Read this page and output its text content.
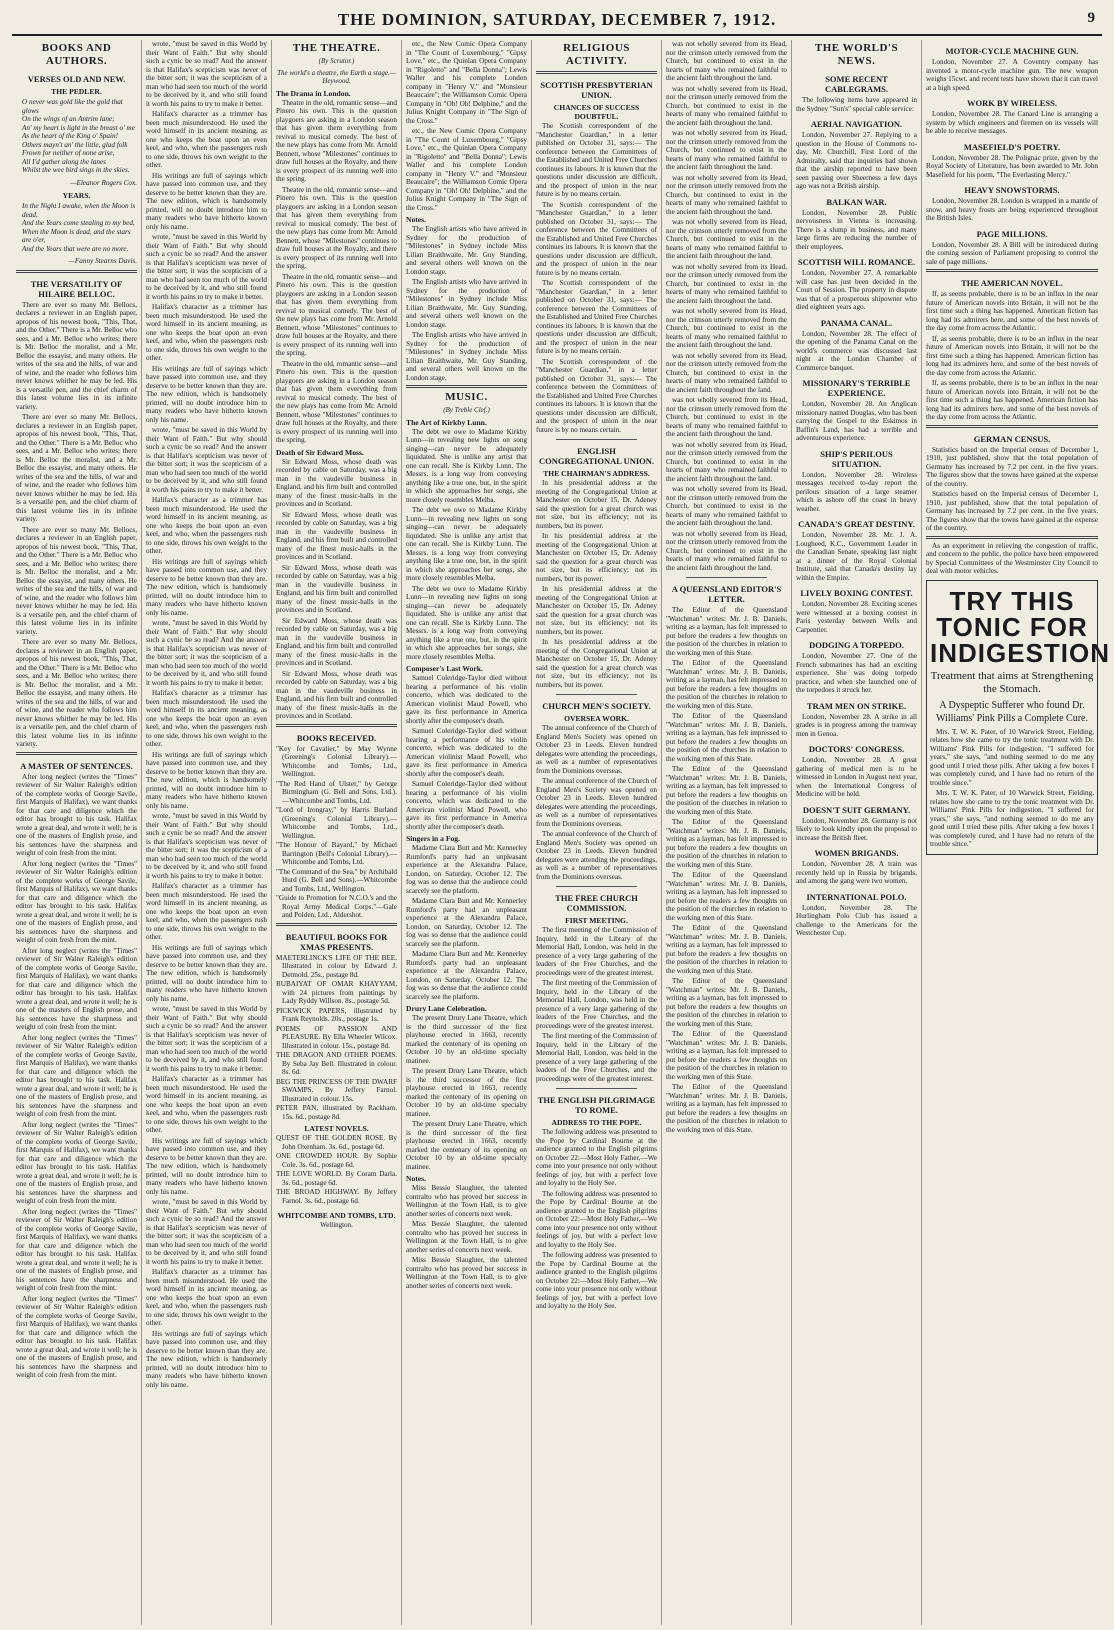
THE DOMINION, SATURDAY, DECEMBER 7, 1912.	9
BOOKS AND AUTHORS.
VERSES OLD AND NEW.
THE PEDLER.
O never was gold like the gold that glows
On the wings of an Antrim lane;
An' my heart is light in the breast o' me
As the heart of the King o' Spain!
Others mayn't an' the little, glad folk
Frown for neither of none arise,
All I'd gather along the lanes
Whilst the wee bird sings in the skies.
—Eleanor Rogers Cox.
YEARS.
In the Night I awake, when the Moon is dead,
And the Years come stealing to my bed,
When the Moon is dead, and the stars are o'er,
And the Years that were are no more.
—Fanny Stearns Davis.
THE VERSATILITY OF HILAIRE BELLOC.

There are ever so many Mr. Bellocs, declares a reviewer in an English paper, apropos of his newest book, "This, That, and the Other." There is a Mr. Belloc who sees, and a Mr. Belloc who writes; there is Mr. Belloc the moralist, and a Mr. Belloc the essayist, and many others. He writes of the sea and the hills, of war and of wine, and the reader who follows him never knows whither he may be led. His is a versatile pen, and the chief charm of this latest volume lies in its infinite variety.

There are ever so many Mr. Bellocs, declares a reviewer in an English paper, apropos of his newest book, "This, That, and the Other." There is a Mr. Belloc who sees, and a Mr. Belloc who writes; there is Mr. Belloc the moralist, and a Mr. Belloc the essayist, and many others. He writes of the sea and the hills, of war and of wine, and the reader who follows him never knows whither he may be led. His is a versatile pen, and the chief charm of this latest volume lies in its infinite variety.

There are ever so many Mr. Bellocs, declares a reviewer in an English paper, apropos of his newest book, "This, That, and the Other." There is a Mr. Belloc who sees, and a Mr. Belloc who writes; there is Mr. Belloc the moralist, and a Mr. Belloc the essayist, and many others. He writes of the sea and the hills, of war and of wine, and the reader who follows him never knows whither he may be led. His is a versatile pen, and the chief charm of this latest volume lies in its infinite variety.

There are ever so many Mr. Bellocs, declares a reviewer in an English paper, apropos of his newest book, "This, That, and the Other." There is a Mr. Belloc who sees, and a Mr. Belloc who writes; there is Mr. Belloc the moralist, and a Mr. Belloc the essayist, and many others. He writes of the sea and the hills, of war and of wine, and the reader who follows him never knows whither he may be led. His is a versatile pen, and the chief charm of this latest volume lies in its infinite variety.

A MASTER OF SENTENCES.

After long neglect (writes the "Times" reviewer of Sir Walter Raleigh's edition of the complete works of George Savile, first Marquis of Halifax), we want thanks for that care and diligence which the editor has brought to his task. Halifax wrote a great deal, and wrote it well; he is one of the masters of English prose, and his sentences have the sharpness and weight of coin fresh from the mint.

After long neglect (writes the "Times" reviewer of Sir Walter Raleigh's edition of the complete works of George Savile, first Marquis of Halifax), we want thanks for that care and diligence which the editor has brought to his task. Halifax wrote a great deal, and wrote it well; he is one of the masters of English prose, and his sentences have the sharpness and weight of coin fresh from the mint.

After long neglect (writes the "Times" reviewer of Sir Walter Raleigh's edition of the complete works of George Savile, first Marquis of Halifax), we want thanks for that care and diligence which the editor has brought to his task. Halifax wrote a great deal, and wrote it well; he is one of the masters of English prose, and his sentences have the sharpness and weight of coin fresh from the mint.

After long neglect (writes the "Times" reviewer of Sir Walter Raleigh's edition of the complete works of George Savile, first Marquis of Halifax), we want thanks for that care and diligence which the editor has brought to his task. Halifax wrote a great deal, and wrote it well; he is one of the masters of English prose, and his sentences have the sharpness and weight of coin fresh from the mint.

After long neglect (writes the "Times" reviewer of Sir Walter Raleigh's edition of the complete works of George Savile, first Marquis of Halifax), we want thanks for that care and diligence which the editor has brought to his task. Halifax wrote a great deal, and wrote it well; he is one of the masters of English prose, and his sentences have the sharpness and weight of coin fresh from the mint.

After long neglect (writes the "Times" reviewer of Sir Walter Raleigh's edition of the complete works of George Savile, first Marquis of Halifax), we want thanks for that care and diligence which the editor has brought to his task. Halifax wrote a great deal, and wrote it well; he is one of the masters of English prose, and his sentences have the sharpness and weight of coin fresh from the mint.

After long neglect (writes the "Times" reviewer of Sir Walter Raleigh's edition of the complete works of George Savile, first Marquis of Halifax), we want thanks for that care and diligence which the editor has brought to his task. Halifax wrote a great deal, and wrote it well; he is one of the masters of English prose, and his sentences have the sharpness and weight of coin fresh from the mint.

wrote, "must be saved in this World by their Want of Faith." But why should such a cynic be so read? And the answer is that Halifax's scepticism was never of the bitter sort; it was the scepticism of a man who had seen too much of the world to be deceived by it, and who still found it worth his pains to try to make it better.

Halifax's character as a trimmer has been much misunderstood. He used the word himself in its ancient meaning, as one who keeps the boat upon an even keel, and who, when the passengers rush to one side, throws his own weight to the other.

His writings are full of sayings which have passed into common use, and they deserve to be better known than they are. The new edition, which is handsomely printed, will no doubt introduce him to many readers who have hitherto known only his name.

wrote, "must be saved in this World by their Want of Faith." But why should such a cynic be so read? And the answer is that Halifax's scepticism was never of the bitter sort; it was the scepticism of a man who had seen too much of the world to be deceived by it, and who still found it worth his pains to try to make it better.

Halifax's character as a trimmer has been much misunderstood. He used the word himself in its ancient meaning, as one who keeps the boat upon an even keel, and who, when the passengers rush to one side, throws his own weight to the other.

His writings are full of sayings which have passed into common use, and they deserve to be better known than they are. The new edition, which is handsomely printed, will no doubt introduce him to many readers who have hitherto known only his name.

wrote, "must be saved in this World by their Want of Faith." But why should such a cynic be so read? And the answer is that Halifax's scepticism was never of the bitter sort; it was the scepticism of a man who had seen too much of the world to be deceived by it, and who still found it worth his pains to try to make it better.

Halifax's character as a trimmer has been much misunderstood. He used the word himself in its ancient meaning, as one who keeps the boat upon an even keel, and who, when the passengers rush to one side, throws his own weight to the other.

His writings are full of sayings which have passed into common use, and they deserve to be better known than they are. The new edition, which is handsomely printed, will no doubt introduce him to many readers who have hitherto known only his name.

wrote, "must be saved in this World by their Want of Faith." But why should such a cynic be so read? And the answer is that Halifax's scepticism was never of the bitter sort; it was the scepticism of a man who had seen too much of the world to be deceived by it, and who still found it worth his pains to try to make it better.

Halifax's character as a trimmer has been much misunderstood. He used the word himself in its ancient meaning, as one who keeps the boat upon an even keel, and who, when the passengers rush to one side, throws his own weight to the other.

His writings are full of sayings which have passed into common use, and they deserve to be better known than they are. The new edition, which is handsomely printed, will no doubt introduce him to many readers who have hitherto known only his name.

wrote, "must be saved in this World by their Want of Faith." But why should such a cynic be so read? And the answer is that Halifax's scepticism was never of the bitter sort; it was the scepticism of a man who had seen too much of the world to be deceived by it, and who still found it worth his pains to try to make it better.

Halifax's character as a trimmer has been much misunderstood. He used the word himself in its ancient meaning, as one who keeps the boat upon an even keel, and who, when the passengers rush to one side, throws his own weight to the other.

His writings are full of sayings which have passed into common use, and they deserve to be better known than they are. The new edition, which is handsomely printed, will no doubt introduce him to many readers who have hitherto known only his name.

wrote, "must be saved in this World by their Want of Faith." But why should such a cynic be so read? And the answer is that Halifax's scepticism was never of the bitter sort; it was the scepticism of a man who had seen too much of the world to be deceived by it, and who still found it worth his pains to try to make it better.

Halifax's character as a trimmer has been much misunderstood. He used the word himself in its ancient meaning, as one who keeps the boat upon an even keel, and who, when the passengers rush to one side, throws his own weight to the other.

His writings are full of sayings which have passed into common use, and they deserve to be better known than they are. The new edition, which is handsomely printed, will no doubt introduce him to many readers who have hitherto known only his name.

wrote, "must be saved in this World by their Want of Faith." But why should such a cynic be so read? And the answer is that Halifax's scepticism was never of the bitter sort; it was the scepticism of a man who had seen too much of the world to be deceived by it, and who still found it worth his pains to try to make it better.

Halifax's character as a trimmer has been much misunderstood. He used the word himself in its ancient meaning, as one who keeps the boat upon an even keel, and who, when the passengers rush to one side, throws his own weight to the other.

His writings are full of sayings which have passed into common use, and they deserve to be better known than they are. The new edition, which is handsomely printed, will no doubt introduce him to many readers who have hitherto known only his name.

THE THEATRE.
(By Scrutor.)
The world's a theatre, the Earth a stage.—Heywood.
The Drama in London.

Theatre in the old, romantic sense—and Pinero his own. This is the question playgoers are asking in a London season that has given them everything from revival to musical comedy. The best of the new plays has come from Mr. Arnold Bennett, whose "Milestones" continues to draw full houses at the Royalty, and there is every prospect of its running well into the spring.

Theatre in the old, romantic sense—and Pinero his own. This is the question playgoers are asking in a London season that has given them everything from revival to musical comedy. The best of the new plays has come from Mr. Arnold Bennett, whose "Milestones" continues to draw full houses at the Royalty, and there is every prospect of its running well into the spring.

Theatre in the old, romantic sense—and Pinero his own. This is the question playgoers are asking in a London season that has given them everything from revival to musical comedy. The best of the new plays has come from Mr. Arnold Bennett, whose "Milestones" continues to draw full houses at the Royalty, and there is every prospect of its running well into the spring.

Theatre in the old, romantic sense—and Pinero his own. This is the question playgoers are asking in a London season that has given them everything from revival to musical comedy. The best of the new plays has come from Mr. Arnold Bennett, whose "Milestones" continues to draw full houses at the Royalty, and there is every prospect of its running well into the spring.

Death of Sir Edward Moss.

Sir Edward Moss, whose death was recorded by cable on Saturday, was a big man in the vaudeville business in England, and his firm built and controlled many of the finest music-halls in the provinces and in Scotland.

Sir Edward Moss, whose death was recorded by cable on Saturday, was a big man in the vaudeville business in England, and his firm built and controlled many of the finest music-halls in the provinces and in Scotland.

Sir Edward Moss, whose death was recorded by cable on Saturday, was a big man in the vaudeville business in England, and his firm built and controlled many of the finest music-halls in the provinces and in Scotland.

Sir Edward Moss, whose death was recorded by cable on Saturday, was a big man in the vaudeville business in England, and his firm built and controlled many of the finest music-halls in the provinces and in Scotland.

Sir Edward Moss, whose death was recorded by cable on Saturday, was a big man in the vaudeville business in England, and his firm built and controlled many of the finest music-halls in the provinces and in Scotland.

BOOKS RECEIVED.
"Key for Cavalier," by May Wynne (Greening's Colonial Library).—Whitcombe and Tombs, Ltd., Wellington.
"The Red Hand of Ulster," by George Birmingham (G. Bell and Sons, Ltd.).—Whitcombe and Tombs, Ltd.
"Lord of Irongray," by Harris Burland (Greening's Colonial Library).—Whitcombe and Tombs, Ltd., Wellington.
"The Honour of Bayard," by Michael Barrington (Bell's Colonial Library).—Whitcombe and Tombs, Ltd.
"The Command of the Sea," by Archibald Hurd (G. Bell and Sons).—Whitcombe and Tombs, Ltd., Wellington.
"Guide to Promotion for N.C.O.'s and the Royal Army Medical Corps."—Gale and Polden, Ltd., Aldershot.
BEAUTIFUL BOOKS FOR XMAS PRESENTS.
MAETERLINCK'S LIFE OF THE BEE. Illustrated in colour by Edward J. Detmold. 25s., postage 8d.
RUBAIYAT OF OMAR KHAYYAM, with 24 pictures from paintings by Lady Ryddy Willson. 8s., postage 5d.
PICKWICK PAPERS, illustrated by Frank Reynolds. 20s., postage 1s.
POEMS OF PASSION AND PLEASURE. By Ella Wheeler Wilcox. Illustrated in colour. 15s., postage 8d.
THE DRAGON AND OTHER POEMS. By Seba Jay Bell. Illustrated in colour. 8s. 6d.
BEG THE PRINCESS OF THE DWARF SWAMPS. By Jeffery Farnol. Illustrated in colour. 15s.
PETER PAN, illustrated by Rackham. 15s. 6d., postage 8d.
LATEST NOVELS.
QUEST OF THE GOLDEN ROSE. By John Oxenham. 3s. 6d., postage 6d.
ONE CROWDED HOUR. By Sophie Cole. 3s. 6d., postage 6d.
THE LOVE WORLD. By Coram Darla. 3s. 6d., postage 6d.
THE BROAD HIGHWAY. By Jeffery Farnol. 3s. 6d., postage 6d.
WHITCOMBE AND TOMBS, LTD.
Wellington.

etc., the New Comic Opera Company in "The Count of Luxembourg," "Gipsy Love," etc., the Quinlan Opera Company in "Rigoletto" and "Bella Donna"; Lewis Waller and his complete London company in "Henry V." and "Monsieur Beaucaire"; the Williamson Comic Opera Company in "Oh! Oh! Delphine," and the Julius Knight Company in "The Sign of the Cross."

etc., the New Comic Opera Company in "The Count of Luxembourg," "Gipsy Love," etc., the Quinlan Opera Company in "Rigoletto" and "Bella Donna"; Lewis Waller and his complete London company in "Henry V." and "Monsieur Beaucaire"; the Williamson Comic Opera Company in "Oh! Oh! Delphine," and the Julius Knight Company in "The Sign of the Cross."

Notes.

The English artists who have arrived in Sydney for the production of "Milestones" in Sydney include Miss Lilian Braithwaite, Mr. Guy Standing, and several others well known on the London stage.

The English artists who have arrived in Sydney for the production of "Milestones" in Sydney include Miss Lilian Braithwaite, Mr. Guy Standing, and several others well known on the London stage.

The English artists who have arrived in Sydney for the production of "Milestones" in Sydney include Miss Lilian Braithwaite, Mr. Guy Standing, and several others well known on the London stage.

MUSIC.
(By Treble Clef.)
The Art of Kirkby Lunn.

The debt we owe to Madame Kirkby Lunn—in revealing new lights on song singing—can never be adequately liquidated. She is unlike any artist that one can recall. She is Kirkby Lunn. The Messrs. is a long way from conveying anything like a true one, but, in the spirit in which she approaches her songs, she more closely resembles Melba.

The debt we owe to Madame Kirkby Lunn—in revealing new lights on song singing—can never be adequately liquidated. She is unlike any artist that one can recall. She is Kirkby Lunn. The Messrs. is a long way from conveying anything like a true one, but, in the spirit in which she approaches her songs, she more closely resembles Melba.

The debt we owe to Madame Kirkby Lunn—in revealing new lights on song singing—can never be adequately liquidated. She is unlike any artist that one can recall. She is Kirkby Lunn. The Messrs. is a long way from conveying anything like a true one, but, in the spirit in which she approaches her songs, she more closely resembles Melba.

Composer's Last Work.

Samuel Coleridge-Taylor died without hearing a performance of his violin concerto, which was dedicated to the American violinist Maud Powell, who gave its first performance in America shortly after the composer's death.

Samuel Coleridge-Taylor died without hearing a performance of his violin concerto, which was dedicated to the American violinist Maud Powell, who gave its first performance in America shortly after the composer's death.

Samuel Coleridge-Taylor died without hearing a performance of his violin concerto, which was dedicated to the American violinist Maud Powell, who gave its first performance in America shortly after the composer's death.

Singers in a Fog.

Madame Clara Butt and Mr. Kennerley Rumford's party had an unpleasant experience at the Alexandra Palace, London, on Saturday, October 12. The fog was so dense that the audience could scarcely see the platform.

Madame Clara Butt and Mr. Kennerley Rumford's party had an unpleasant experience at the Alexandra Palace, London, on Saturday, October 12. The fog was so dense that the audience could scarcely see the platform.

Madame Clara Butt and Mr. Kennerley Rumford's party had an unpleasant experience at the Alexandra Palace, London, on Saturday, October 12. The fog was so dense that the audience could scarcely see the platform.

Drury Lane Celebration.

The present Drury Lane Theatre, which is the third successor of the first playhouse erected in 1663, recently marked the centenary of its opening on October 10 by an old-time specialty matinee.

The present Drury Lane Theatre, which is the third successor of the first playhouse erected in 1663, recently marked the centenary of its opening on October 10 by an old-time specialty matinee.

The present Drury Lane Theatre, which is the third successor of the first playhouse erected in 1663, recently marked the centenary of its opening on October 10 by an old-time specialty matinee.

Notes.

Miss Bessie Slaughter, the talented contralto who has proved her success in Wellington at the Town Hall, is to give another series of concerts next week.

Miss Bessie Slaughter, the talented contralto who has proved her success in Wellington at the Town Hall, is to give another series of concerts next week.

Miss Bessie Slaughter, the talented contralto who has proved her success in Wellington at the Town Hall, is to give another series of concerts next week.

RELIGIOUS ACTIVITY.
SCOTTISH PRESBYTERIAN UNION.
CHANCES OF SUCCESS DOUBTFUL.

The Scottish correspondent of the "Manchester Guardian," in a letter published on October 31, says:— The conference between the Committees of the Established and United Free Churches continues its labours. It is known that the questions under discussion are difficult, and the prospect of union in the near future is by no means certain.

The Scottish correspondent of the "Manchester Guardian," in a letter published on October 31, says:— The conference between the Committees of the Established and United Free Churches continues its labours. It is known that the questions under discussion are difficult, and the prospect of union in the near future is by no means certain.

The Scottish correspondent of the "Manchester Guardian," in a letter published on October 31, says:— The conference between the Committees of the Established and United Free Churches continues its labours. It is known that the questions under discussion are difficult, and the prospect of union in the near future is by no means certain.

The Scottish correspondent of the "Manchester Guardian," in a letter published on October 31, says:— The conference between the Committees of the Established and United Free Churches continues its labours. It is known that the questions under discussion are difficult, and the prospect of union in the near future is by no means certain.

ENGLISH CONGREGATIONAL UNION.
THE CHAIRMAN'S ADDRESS.

In his presidential address at the meeting of the Congregational Union at Manchester on October 15, Dr. Adeney said the question for a great church was not size, but its efficiency; not its numbers, but its power.

In his presidential address at the meeting of the Congregational Union at Manchester on October 15, Dr. Adeney said the question for a great church was not size, but its efficiency; not its numbers, but its power.

In his presidential address at the meeting of the Congregational Union at Manchester on October 15, Dr. Adeney said the question for a great church was not size, but its efficiency; not its numbers, but its power.

In his presidential address at the meeting of the Congregational Union at Manchester on October 15, Dr. Adeney said the question for a great church was not size, but its efficiency; not its numbers, but its power.

CHURCH MEN'S SOCIETY.
OVERSEA WORK.

The annual conference of the Church of England Men's Society was opened on October 23 in Leeds. Eleven hundred delegates were attending the proceedings, as well as a number of representatives from the Dominions overseas.

The annual conference of the Church of England Men's Society was opened on October 23 in Leeds. Eleven hundred delegates were attending the proceedings, as well as a number of representatives from the Dominions overseas.

The annual conference of the Church of England Men's Society was opened on October 23 in Leeds. Eleven hundred delegates were attending the proceedings, as well as a number of representatives from the Dominions overseas.

THE FREE CHURCH COMMISSION.
FIRST MEETING.

The first meeting of the Commission of Inquiry, held in the Library of the Memorial Hall, London, was held in the presence of a very large gathering of the leaders of the Free Churches, and the proceedings were of the greatest interest.

The first meeting of the Commission of Inquiry, held in the Library of the Memorial Hall, London, was held in the presence of a very large gathering of the leaders of the Free Churches, and the proceedings were of the greatest interest.

The first meeting of the Commission of Inquiry, held in the Library of the Memorial Hall, London, was held in the presence of a very large gathering of the leaders of the Free Churches, and the proceedings were of the greatest interest.

THE ENGLISH PILGRIMAGE TO ROME.
ADDRESS TO THE POPE.

The following address was presented to the Pope by Cardinal Bourne at the audience granted to the English pilgrims on October 22:—Most Holy Father,—We come into your presence not only without feelings of joy, but with a perfect love and loyalty to the Holy See.

The following address was presented to the Pope by Cardinal Bourne at the audience granted to the English pilgrims on October 22:—Most Holy Father,—We come into your presence not only without feelings of joy, but with a perfect love and loyalty to the Holy See.

The following address was presented to the Pope by Cardinal Bourne at the audience granted to the English pilgrims on October 22:—Most Holy Father,—We come into your presence not only without feelings of joy, but with a perfect love and loyalty to the Holy See.

was not wholly severed from its Head, nor the crimson utterly removed from the Church, but continued to exist in the hearts of many who remained faithful to the ancient faith throughout the land.

was not wholly severed from its Head, nor the crimson utterly removed from the Church, but continued to exist in the hearts of many who remained faithful to the ancient faith throughout the land.

was not wholly severed from its Head, nor the crimson utterly removed from the Church, but continued to exist in the hearts of many who remained faithful to the ancient faith throughout the land.

was not wholly severed from its Head, nor the crimson utterly removed from the Church, but continued to exist in the hearts of many who remained faithful to the ancient faith throughout the land.

was not wholly severed from its Head, nor the crimson utterly removed from the Church, but continued to exist in the hearts of many who remained faithful to the ancient faith throughout the land.

was not wholly severed from its Head, nor the crimson utterly removed from the Church, but continued to exist in the hearts of many who remained faithful to the ancient faith throughout the land.

was not wholly severed from its Head, nor the crimson utterly removed from the Church, but continued to exist in the hearts of many who remained faithful to the ancient faith throughout the land.

was not wholly severed from its Head, nor the crimson utterly removed from the Church, but continued to exist in the hearts of many who remained faithful to the ancient faith throughout the land.

was not wholly severed from its Head, nor the crimson utterly removed from the Church, but continued to exist in the hearts of many who remained faithful to the ancient faith throughout the land.

was not wholly severed from its Head, nor the crimson utterly removed from the Church, but continued to exist in the hearts of many who remained faithful to the ancient faith throughout the land.

was not wholly severed from its Head, nor the crimson utterly removed from the Church, but continued to exist in the hearts of many who remained faithful to the ancient faith throughout the land.

was not wholly severed from its Head, nor the crimson utterly removed from the Church, but continued to exist in the hearts of many who remained faithful to the ancient faith throughout the land.

A QUEENSLAND EDITOR'S LETTER.

The Editor of the Queensland "Watchman" writes: Mr. J. B. Daniels, writing as a layman, has felt impressed to put before the readers a few thoughts on the position of the churches in relation to the working men of this State.

The Editor of the Queensland "Watchman" writes: Mr. J. B. Daniels, writing as a layman, has felt impressed to put before the readers a few thoughts on the position of the churches in relation to the working men of this State.

The Editor of the Queensland "Watchman" writes: Mr. J. B. Daniels, writing as a layman, has felt impressed to put before the readers a few thoughts on the position of the churches in relation to the working men of this State.

The Editor of the Queensland "Watchman" writes: Mr. J. B. Daniels, writing as a layman, has felt impressed to put before the readers a few thoughts on the position of the churches in relation to the working men of this State.

The Editor of the Queensland "Watchman" writes: Mr. J. B. Daniels, writing as a layman, has felt impressed to put before the readers a few thoughts on the position of the churches in relation to the working men of this State.

The Editor of the Queensland "Watchman" writes: Mr. J. B. Daniels, writing as a layman, has felt impressed to put before the readers a few thoughts on the position of the churches in relation to the working men of this State.

The Editor of the Queensland "Watchman" writes: Mr. J. B. Daniels, writing as a layman, has felt impressed to put before the readers a few thoughts on the position of the churches in relation to the working men of this State.

The Editor of the Queensland "Watchman" writes: Mr. J. B. Daniels, writing as a layman, has felt impressed to put before the readers a few thoughts on the position of the churches in relation to the working men of this State.

The Editor of the Queensland "Watchman" writes: Mr. J. B. Daniels, writing as a layman, has felt impressed to put before the readers a few thoughts on the position of the churches in relation to the working men of this State.

The Editor of the Queensland "Watchman" writes: Mr. J. B. Daniels, writing as a layman, has felt impressed to put before the readers a few thoughts on the position of the churches in relation to the working men of this State.

THE WORLD'S NEWS.
SOME RECENT CABLEGRAMS.

The following items have appeared in the Sydney "Sun's" special cable service:

AERIAL NAVIGATION.

London, November 27. Replying to a question in the House of Commons to-day, Mr. Churchill, First Lord of the Admiralty, said that inquiries had shown that the airship reported to have been seen passing over Sheerness a few days ago was not a British airship.

BALKAN WAR.

London, November 28. Public nervousness in Vienna is increasing. There is a slump in business, and many large firms are reducing the number of their employees.

SCOTTISH WILL ROMANCE.

London, November 27. A remarkable will case has just been decided in the Court of Session. The property in dispute was that of a prosperous shipowner who died eighteen years ago.

PANAMA CANAL.

London, November 28. The effect of the opening of the Panama Canal on the world's commerce was discussed last night at the London Chamber of Commerce banquet.

MISSIONARY'S TERRIBLE EXPERIENCE.

London, November 28. An Anglican missionary named Douglas, who has been carrying the Gospel to the Eskimos in Baffin's Land, has had a terrible and adventurous experience.

SHIP'S PERILOUS SITUATION.

London, November 28. Wireless messages received to-day report the perilous situation of a large steamer which is ashore off the coast in heavy weather.

CANADA'S GREAT DESTINY.

London, November 28. Mr. J. A. Lougheed, K.C., Government Leader in the Canadian Senate, speaking last night at a dinner of the Royal Colonial Institute, said that Canada's destiny lay within the Empire.

LIVELY BOXING CONTEST.

London, November 28. Exciting scenes were witnessed at a boxing contest in Paris yesterday between Wells and Carpentier.

DODGING A TORPEDO.

London, November 27. One of the French submarines has had an exciting experience. She was doing torpedo practice, and when she launched one of the torpedoes it struck her.

TRAM MEN ON STRIKE.

London, November 28. A strike in all grades is in progress among the tramway men in Genoa.

DOCTORS' CONGRESS.

London, November 28. A great gathering of medical men is to be witnessed in London in August next year, when the International Congress of Medicine will be held.

DOESN'T SUIT GERMANY.

London, November 28. Germany is not likely to look kindly upon the proposal to increase the British fleet.

WOMEN BRIGANDS.

London, November 28. A train was recently held up in Russia by brigands, and among the gang were two women.

INTERNATIONAL POLO.

London, November 28. The Hurlingham Polo Club has issued a challenge to the Americans for the Westchester Cup.

MOTOR-CYCLE MACHINE GUN.

London, November 27. A Coventry company has invented a motor-cycle machine gun. The new weapon weighs 15cwt. and recent tests have shown that it can travel at a high speed.

WORK BY WIRELESS.

London, November 28. The Canard Line is arranging a system by which engineers and firemen on its vessels will be able to receive messages.

MASEFIELD'S POETRY.

London, November 28. The Polignac prize, given by the Royal Society of Literature, has been awarded to Mr. John Masefield for his poem, "The Everlasting Mercy."

HEAVY SNOWSTORMS.

London, November 28. London is wrapped in a mantle of snow, and heavy frosts are being experienced throughout the British Isles.

PAGE MILLIONS.

London, November 28. A Bill will be introduced during the coming session of Parliament proposing to control the sale of page millions.

THE AMERICAN NOVEL.

If, as seems probable, there is to be an influx in the near future of American novels into Britain, it will not be the first time such a thing has happened. American fiction has long had its admirers here, and some of the best novels of the day come from across the Atlantic.

If, as seems probable, there is to be an influx in the near future of American novels into Britain, it will not be the first time such a thing has happened. American fiction has long had its admirers here, and some of the best novels of the day come from across the Atlantic.

If, as seems probable, there is to be an influx in the near future of American novels into Britain, it will not be the first time such a thing has happened. American fiction has long had its admirers here, and some of the best novels of the day come from across the Atlantic.

GERMAN CENSUS.

Statistics based on the Imperial census of December 1, 1910, just published, show that the total population of Germany has increased by 7.2 per cent. in the five years. The figures show that the towns have gained at the expense of the country.

Statistics based on the Imperial census of December 1, 1910, just published, show that the total population of Germany has increased by 7.2 per cent. in the five years. The figures show that the towns have gained at the expense of the country.

As an experiment in relieving the congestion of traffic, and concern to the public, the police have been empowered by Special Committees of the Westminster City Council to deal with motor vehicles.

TRY THIS TONIC FOR INDIGESTION
Treatment that aims at Strengthening the Stomach.
A Dyspeptic Sufferer who found Dr. Williams' Pink Pills a Complete Cure.

Mrs. T. W. K. Pater, of 10 Warwick Street, Fielding, relates how she came to try the tonic treatment with Dr. Williams' Pink Pills for indigestion. "I suffered for years," she says, "and nothing seemed to do me any good until I tried these pills. After taking a few boxes I was completely cured, and I have had no return of the trouble since."

Mrs. T. W. K. Pater, of 10 Warwick Street, Fielding, relates how she came to try the tonic treatment with Dr. Williams' Pink Pills for indigestion. "I suffered for years," she says, "and nothing seemed to do me any good until I tried these pills. After taking a few boxes I was completely cured, and I have had no return of the trouble since."
